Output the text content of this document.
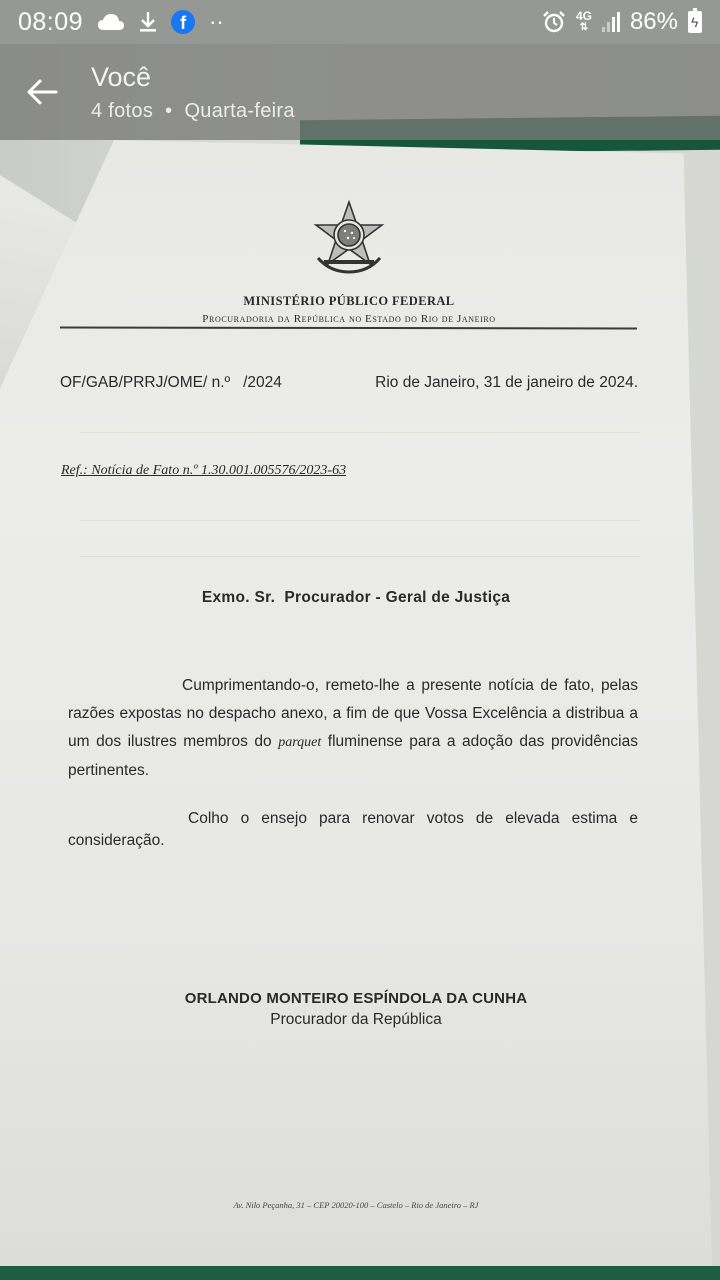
MINISTÉRIO PÚBLICO FEDERAL
Procuradoria da República no Estado do Rio de Janeiro
OF/GAB/PRRJ/OME/ n.º   /2024	Rio de Janeiro, 31 de janeiro de 2024.
Ref.: Notícia de Fato n.º 1.30.001.005576/2023-63
Exmo. Sr.  Procurador - Geral de Justiça
Cumprimentando-o, remeto-lhe a presente notícia de fato, pelas razões expostas no despacho anexo, a fim de que Vossa Excelência a distribua a um dos ilustres membros do parquet fluminense para a adoção das providências pertinentes.
Colho o ensejo para renovar votos de elevada estima e consideração.
ORLANDO MONTEIRO ESPÍNDOLA DA CUNHA
Procurador da República
Av. Nilo Peçanha, 31 – CEP 20020-100 – Castelo – Rio de Janeiro – RJ
08:09	f	··	4G
⇅ 86% ϟ
Você
4 fotos • Quarta-feira
